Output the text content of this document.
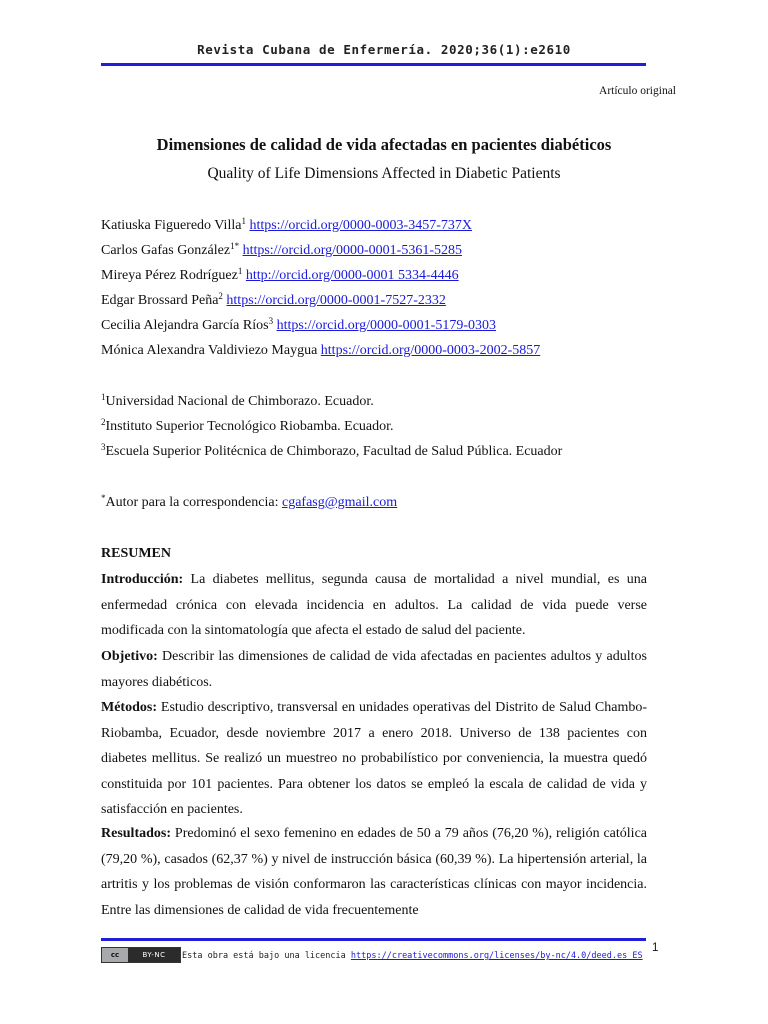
Revista Cubana de Enfermería. 2020;36(1):e2610
Artículo original
Dimensiones de calidad de vida afectadas en pacientes diabéticos
Quality of Life Dimensions Affected in Diabetic Patients
Katiuska Figueredo Villa$^1$ https://orcid.org/0000-0003-3457-737X
Carlos Gafas González$^{1*}$ https://orcid.org/0000-0001-5361-5285
Mireya Pérez Rodríguez$^1$ http://orcid.org/0000-0001 5334-4446
Edgar Brossard Peña$^2$ https://orcid.org/0000-0001-7527-2332
Cecilia Alejandra García Ríos$^3$ https://orcid.org/0000-0001-5179-0303
Mónica Alexandra Valdiviezo Maygua https://orcid.org/0000-0003-2002-5857
$^1$Universidad Nacional de Chimborazo. Ecuador.
$^2$Instituto Superior Tecnológico Riobamba. Ecuador.
$^3$Escuela Superior Politécnica de Chimborazo, Facultad de Salud Pública. Ecuador
*Autor para la correspondencia: cgafasg@gmail.com
RESUMEN
Introducción: La diabetes mellitus, segunda causa de mortalidad a nivel mundial, es una enfermedad crónica con elevada incidencia en adultos. La calidad de vida puede verse modificada con la sintomatología que afecta el estado de salud del paciente.
Objetivo: Describir las dimensiones de calidad de vida afectadas en pacientes adultos y adultos mayores diabéticos.
Métodos: Estudio descriptivo, transversal en unidades operativas del Distrito de Salud Chambo-Riobamba, Ecuador, desde noviembre 2017 a enero 2018. Universo de 138 pacientes con diabetes mellitus. Se realizó un muestreo no probabilístico por conveniencia, la muestra quedó constituida por 101 pacientes. Para obtener los datos se empleó la escala de calidad de vida y satisfacción en pacientes.
Resultados: Predominó el sexo femenino en edades de 50 a 79 años (76,20 %), religión católica (79,20 %), casados (62,37 %) y nivel de instrucción básica (60,39 %). La hipertensión arterial, la artritis y los problemas de visión conformaron las características clínicas con mayor incidencia. Entre las dimensiones de calidad de vida frecuentemente
1
cc	BY-NC	Esta obra está bajo una licencia https://creativecommons.org/licenses/by-nc/4.0/deed.es_ES
